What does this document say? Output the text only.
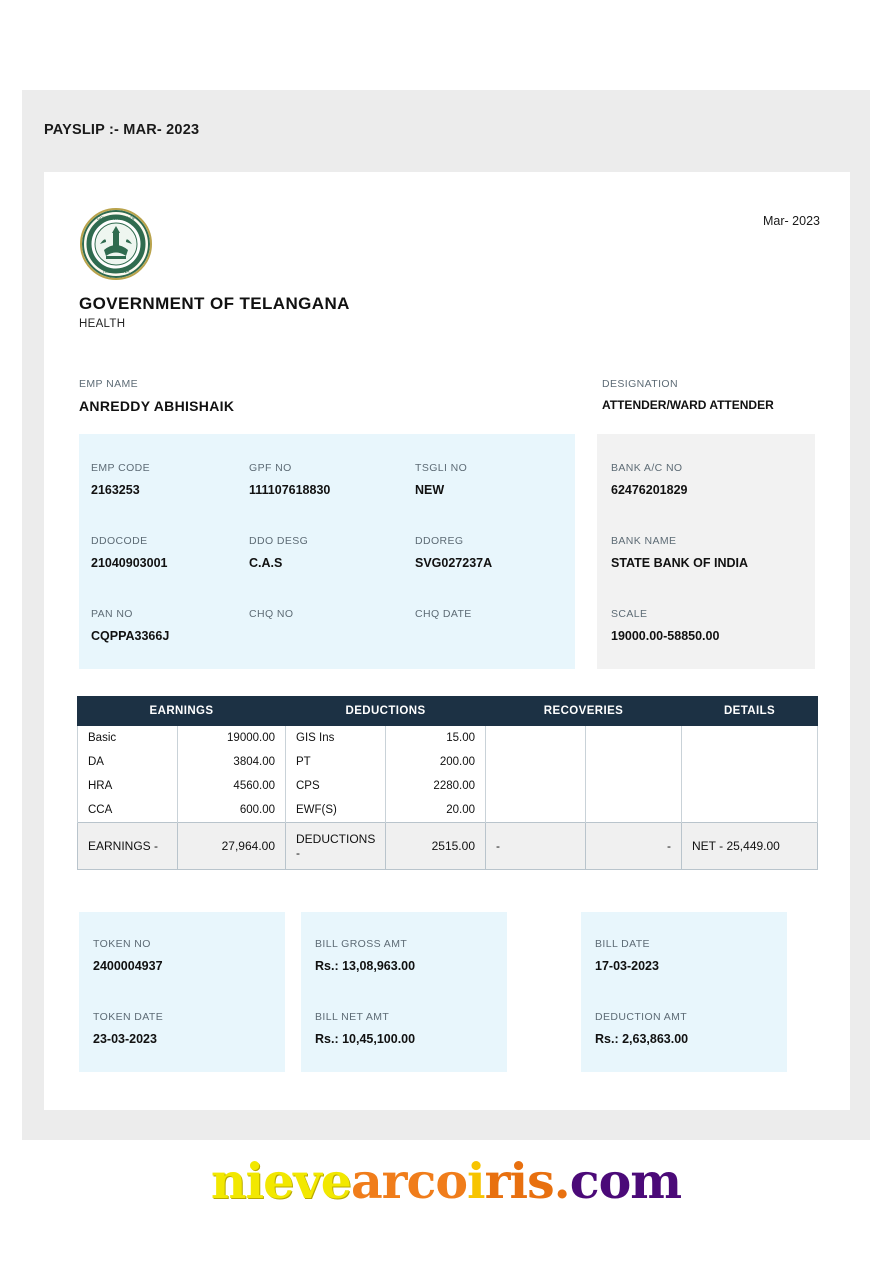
PAYSLIP :- MAR- 2023
Mar- 2023
GOVERNMENT OF
TELANGANA
GOVERNMENT OF TELANGANA
HEALTH
EMP NAME
ANREDDY ABHISHAIK
DESIGNATION
ATTENDER/WARD ATTENDER
EMP CODE
2163253
GPF NO
111107618830
TSGLI NO
NEW
DDOCODE
21040903001
DDO DESG
C.A.S
DDOREG
SVG027237A
PAN NO
CQPPA3366J
CHQ NO	CHQ DATE
BANK A/C NO
62476201829
BANK NAME
STATE BANK OF INDIA
SCALE
19000.00-58850.00
EARNINGS		DEDUCTIONS		RECOVERIES		DETAILS
Basic	19000.00	GIS Ins	15.00			
DA	3804.00	PT	200.00			
HRA	4560.00	CPS	2280.00			
CCA	600.00	EWF(S)	20.00			
EARNINGS -	27,964.00	DEDUCTIONS -	2515.00	-	-	NET - 25,449.00
TOKEN NO
2400004937
TOKEN DATE
23-03-2023
BILL GROSS AMT
Rs.: 13,08,963.00
BILL NET AMT
Rs.: 10,45,100.00
BILL DATE
17-03-2023
DEDUCTION AMT
Rs.: 2,63,863.00
nievearcoiris.com
